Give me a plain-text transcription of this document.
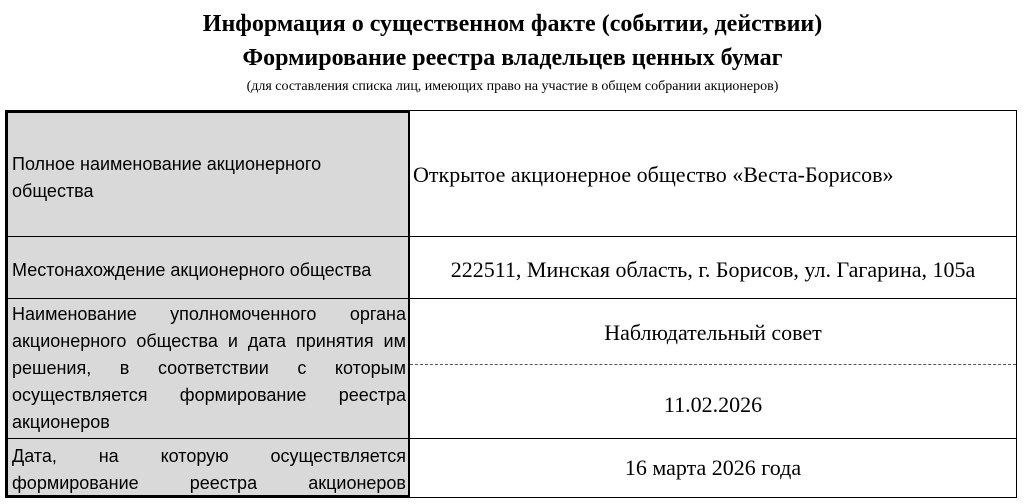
Информация о существенном факте (событии, действии)
Формирование реестра владельцев ценных бумаг
(для составления списка лиц, имеющих право на участие в общем собрании акционеров)
Полное наименование акционерного общества
Открытое акционерное общество «Веста-Борисов»
Местонахождение акционерного общества	222511, Минская область, г. Борисов, ул. Гагарина, 105а
Наименование уполномоченного органа акционерного общества и дата принятия им решения, в соответствии с которым осуществляется формирование реестра акционеров
Наблюдательный совет
11.02.2026
Дата, на которую осуществляется формирование реестра акционеров
16 марта 2026 года
